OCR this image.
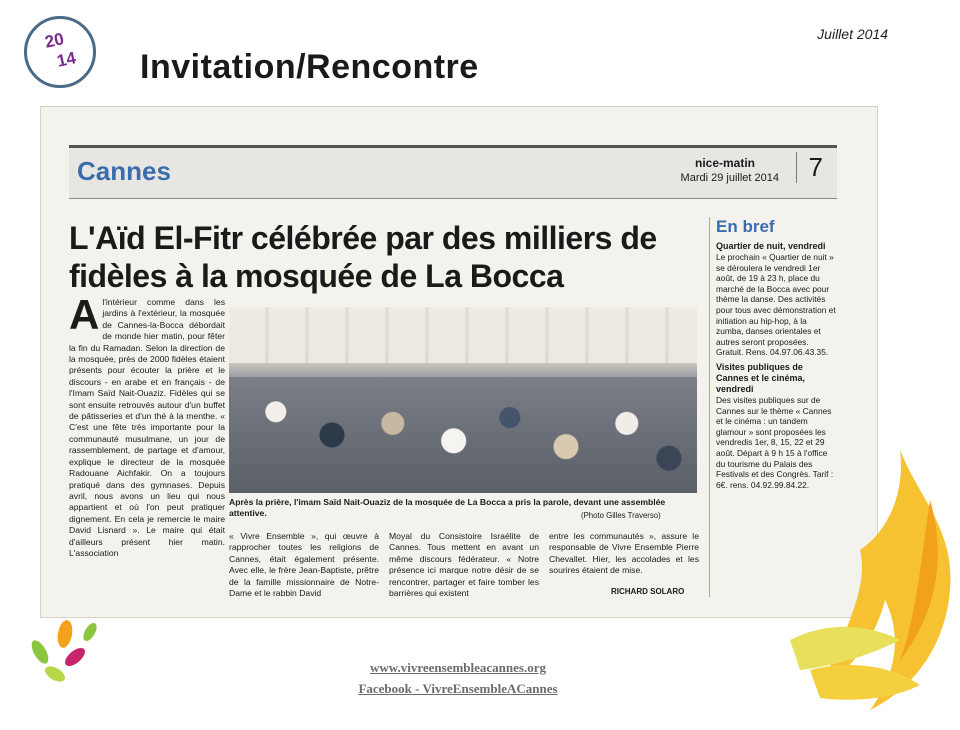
20
14 Invitation/Rencontre
Juillet 2014
Cannes	nice-matin
Mardi 29 juillet 2014	7
L'Aïd El-Fitr célébrée par des milliers de fidèles à la mosquée de La Bocca
Al'intérieur comme dans les jardins à l'extérieur, la mosquée de Cannes-la-Bocca débordait de monde hier matin, pour fêter la fin du Ramadan. Selon la direction de la mosquée, près de 2000 fidèles étaient présents pour écouter la prière et le discours - en arabe et en français - de l'Imam Saïd Nait-Ouaziz. Fidèles qui se sont ensuite retrouvés autour d'un buffet de pâtisseries et d'un thé à la menthe. « C'est une fête très importante pour la communauté musulmane, un jour de rassemblement, de partage et d'amour, explique le directeur de la mosquée Radouane Aichfakir. On a toujours pratiqué dans des gymnases. Depuis avril, nous avons un lieu qui nous appartient et où l'on peut pratiquer dignement. En cela je remercie le maire David Lisnard ». Le maire qui était d'ailleurs présent hier matin. L'association
Après la prière, l'imam Saïd Nait-Ouaziz de la mosquée de La Bocca a pris la parole, devant une assemblée attentive.	(Photo Gilles Traverso)
« Vivre Ensemble », qui œuvre à rapprocher toutes les religions de Cannes, était également présente. Avec elle, le frère Jean-Baptiste, prêtre de la famille missionnaire de Notre-Dame et le rabbin David
Moyal du Consistoire Israélite de Cannes. Tous mettent en avant un même discours fédérateur. « Notre présence ici marque notre désir de se rencontrer, partager et faire tomber les barrières qui existent
entre les communautés », assure le responsable de Vivre Ensemble Pierre Chevallet. Hier, les accolades et les sourires étaient de mise.
RICHARD SOLARO
En bref
Quartier de nuit, vendredi
Le prochain « Quartier de nuit » se déroulera le vendredi 1er août, de 19 à 23 h, place du marché de la Bocca avec pour thème la danse. Des activités pour tous avec démonstration et initiation au hip-hop, à la zumba, danses orientales et autres seront proposées. Gratuit. Rens. 04.97.06.43.35.
Visites publiques de Cannes et le cinéma, vendredi
Des visites publiques sur de Cannes sur le thème « Cannes et le cinéma : un tandem glamour » sont proposées les vendredis 1er, 8, 15, 22 et 29 août. Départ à 9 h 15 à l'office du tourisme du Palais des Festivals et des Congrès. Tarif : 6€. rens. 04.92.99.84.22.
www.vivreensembleacannes.org
Facebook - VivreEnsembleACannes
